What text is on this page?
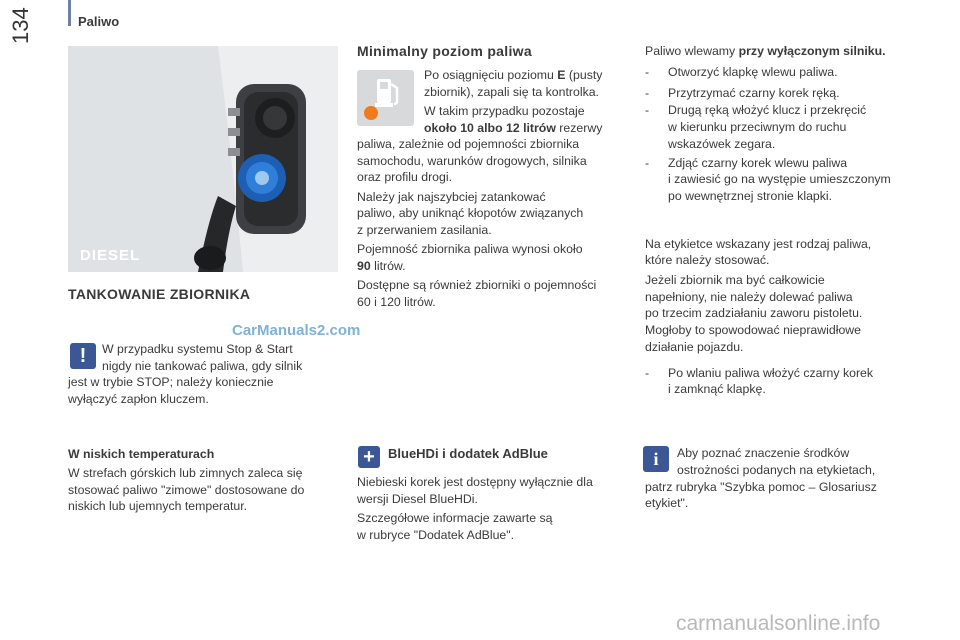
Paliwo
134
DIESEL
TANKOWANIE ZBIORNIKA
!	W przypadku systemu Stop & Start
nigdy nie tankować paliwa, gdy silnik
jest w trybie STOP; należy koniecznie
wyłączyć zapłon kluczem.
W niskich temperaturach
W strefach górskich lub zimnych zaleca się
stosować paliwo "zimowe" dostosowane do
niskich lub ujemnych temperatur.
CarManuals2.com
Minimalny poziom paliwa
Po osiągnięciu poziomu E (pusty
zbiornik), zapali się ta kontrolka.
W takim przypadku pozostaje
około 10 albo 12 litrów rezerwy
paliwa, zależnie od pojemności zbiornika
samochodu, warunków drogowych, silnika
oraz profilu drogi.
Należy jak najszybciej zatankować
paliwo, aby uniknąć kłopotów związanych
z przerwaniem zasilania.
Pojemność zbiornika paliwa wynosi około
90 litrów.
Dostępne są również zbiorniki o pojemności
60 i 120 litrów.
+	BlueHDi i dodatek AdBlue
Niebieski korek jest dostępny wyłącznie dla
wersji Diesel BlueHDi.
Szczegółowe informacje zawarte są
w rubryce "Dodatek AdBlue".
Paliwo wlewamy przy wyłączonym silniku.
- Otworzyć klapkę wlewu paliwa.
- Przytrzymać czarny korek ręką.
- Drugą ręką włożyć klucz i przekręcić
w kierunku przeciwnym do ruchu
wskazówek zegara.
- Zdjąć czarny korek wlewu paliwa
i zawiesić go na występie umieszczonym
po wewnętrznej stronie klapki.
Na etykietce wskazany jest rodzaj paliwa,
które należy stosować.
Jeżeli zbiornik ma być całkowicie
napełniony, nie należy dolewać paliwa
po trzecim zadziałaniu zaworu pistoletu.
Mogłoby to spowodować nieprawidłowe
działanie pojazdu.
- Po wlaniu paliwa włożyć czarny korek
i zamknąć klapkę.
i	Aby poznać znaczenie środków
ostrożności podanych na etykietach,
patrz rubryka "Szybka pomoc – Glosariusz
etykiet".
carmanualsonline.info
